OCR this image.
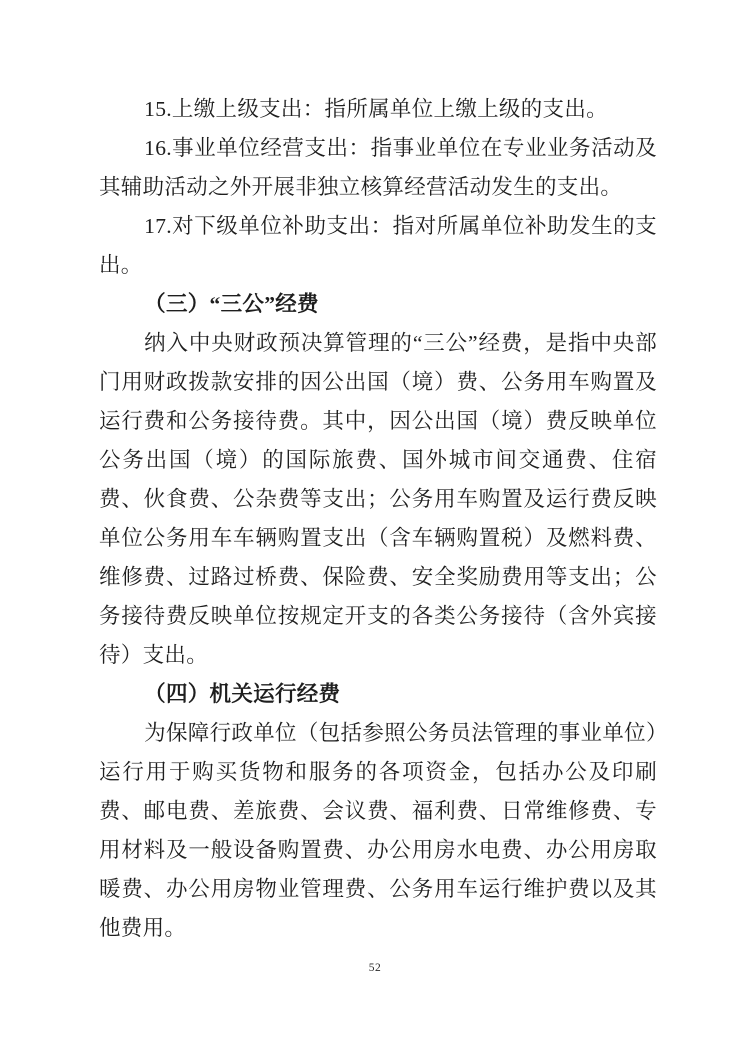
15.上缴上级支出：指所属单位上缴上级的支出。

16.事业单位经营支出：指事业单位在专业业务活动及其辅助活动之外开展非独立核算经营活动发生的支出。

17.对下级单位补助支出：指对所属单位补助发生的支出。

（三）“三公”经费

纳入中央财政预决算管理的“三公”经费，是指中央部门用财政拨款安排的因公出国（境）费、公务用车购置及运行费和公务接待费。其中，因公出国（境）费反映单位公务出国（境）的国际旅费、国外城市间交通费、住宿费、伙食费、公杂费等支出；公务用车购置及运行费反映单位公务用车车辆购置支出（含车辆购置税）及燃料费、维修费、过路过桥费、保险费、安全奖励费用等支出；公务接待费反映单位按规定开支的各类公务接待（含外宾接待）支出。

（四）机关运行经费

为保障行政单位（包括参照公务员法管理的事业单位）运行用于购买货物和服务的各项资金，包括办公及印刷费、邮电费、差旅费、会议费、福利费、日常维修费、专用材料及一般设备购置费、办公用房水电费、办公用房取暖费、办公用房物业管理费、公务用车运行维护费以及其他费用。

52
